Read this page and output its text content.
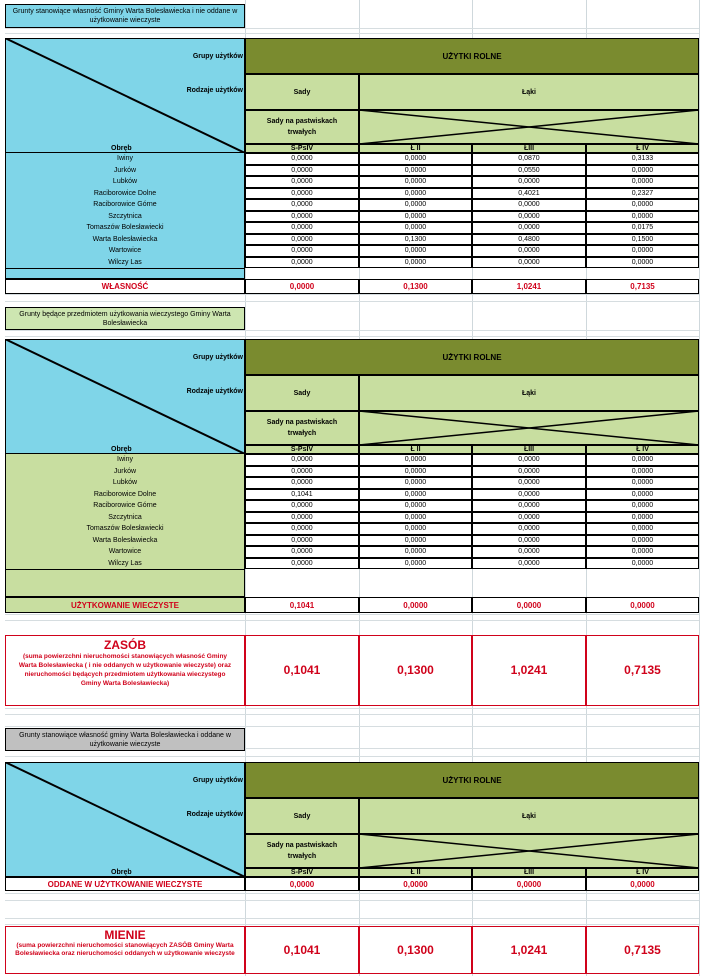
Grunty stanowiące własność Gminy Warta Bolesławiecka i nie oddane w użytkowanie wieczyste
Grupy użytków
Rodzaje użytków
Obręb
UŻYTKI ROLNE
Sady	Łąki
Sady na pastwiskach trwałych
S-PsIV	Ł II	ŁIII	Ł IV
Iwiny	0,0000	0,0000	0,0870	0,3133
Jurków	0,0000	0,0000	0,0550	0,0000
Lubków	0,0000	0,0000	0,0000	0,0000
Raciborowice Dolne	0,0000	0,0000	0,4021	0,2327
Raciborowice Górne	0,0000	0,0000	0,0000	0,0000
Szczytnica	0,0000	0,0000	0,0000	0,0000
Tomaszów Bolesławiecki	0,0000	0,0000	0,0000	0,0175
Warta Bolesławiecka	0,0000	0,1300	0,4800	0,1500
Wartowice	0,0000	0,0000	0,0000	0,0000
Wilczy Las	0,0000	0,0000	0,0000	0,0000
WŁASNOŚĆ	0,0000	0,1300	1,0241	0,7135
Grunty będące przedmiotem użytkowania wieczystego Gminy Warta Bolesławiecka
Grupy użytków
Rodzaje użytków
Obręb
UŻYTKI ROLNE
Sady	Łąki
Sady na pastwiskach trwałych
S-PsIV	Ł II	ŁIII	Ł IV
Iwiny	0,0000	0,0000	0,0000	0,0000
Jurków	0,0000	0,0000	0,0000	0,0000
Lubków	0,0000	0,0000	0,0000	0,0000
Raciborowice Dolne	0,1041	0,0000	0,0000	0,0000
Raciborowice Górne	0,0000	0,0000	0,0000	0,0000
Szczytnica	0,0000	0,0000	0,0000	0,0000
Tomaszów Bolesławiecki	0,0000	0,0000	0,0000	0,0000
Warta Bolesławiecka	0,0000	0,0000	0,0000	0,0000
Wartowice	0,0000	0,0000	0,0000	0,0000
Wilczy Las	0,0000	0,0000	0,0000	0,0000
UŻYTKOWANIE WIECZYSTE	0,1041	0,0000	0,0000	0,0000
ZASÓB
(suma powierzchni nieruchomości stanowiących własność Gminy Warta Bolesławiecka ( i nie oddanych w użytkowanie wieczyste) oraz nieruchomości będących przedmiotem użytkowania wieczystego Gminy Warta Bolesławiecka)
0,1041	0,1300	1,0241	0,7135
Grunty stanowiące własność gminy Warta Bolesławiecka i oddane w użytkowanie wieczyste
Grupy użytków
Rodzaje użytków
Obręb
UŻYTKI ROLNE
Sady	Łąki
Sady na pastwiskach trwałych
S-PsIV	Ł II	ŁIII	Ł IV
ODDANE W UŻYTKOWANIE WIECZYSTE	0,0000	0,0000	0,0000	0,0000
MIENIE
(suma powierzchni nieruchomości stanowiących ZASÓB Gminy Warta Bolesławiecka oraz nieruchomości oddanych w użytkowanie wieczyste	0,1041	0,1300	1,0241	0,7135
